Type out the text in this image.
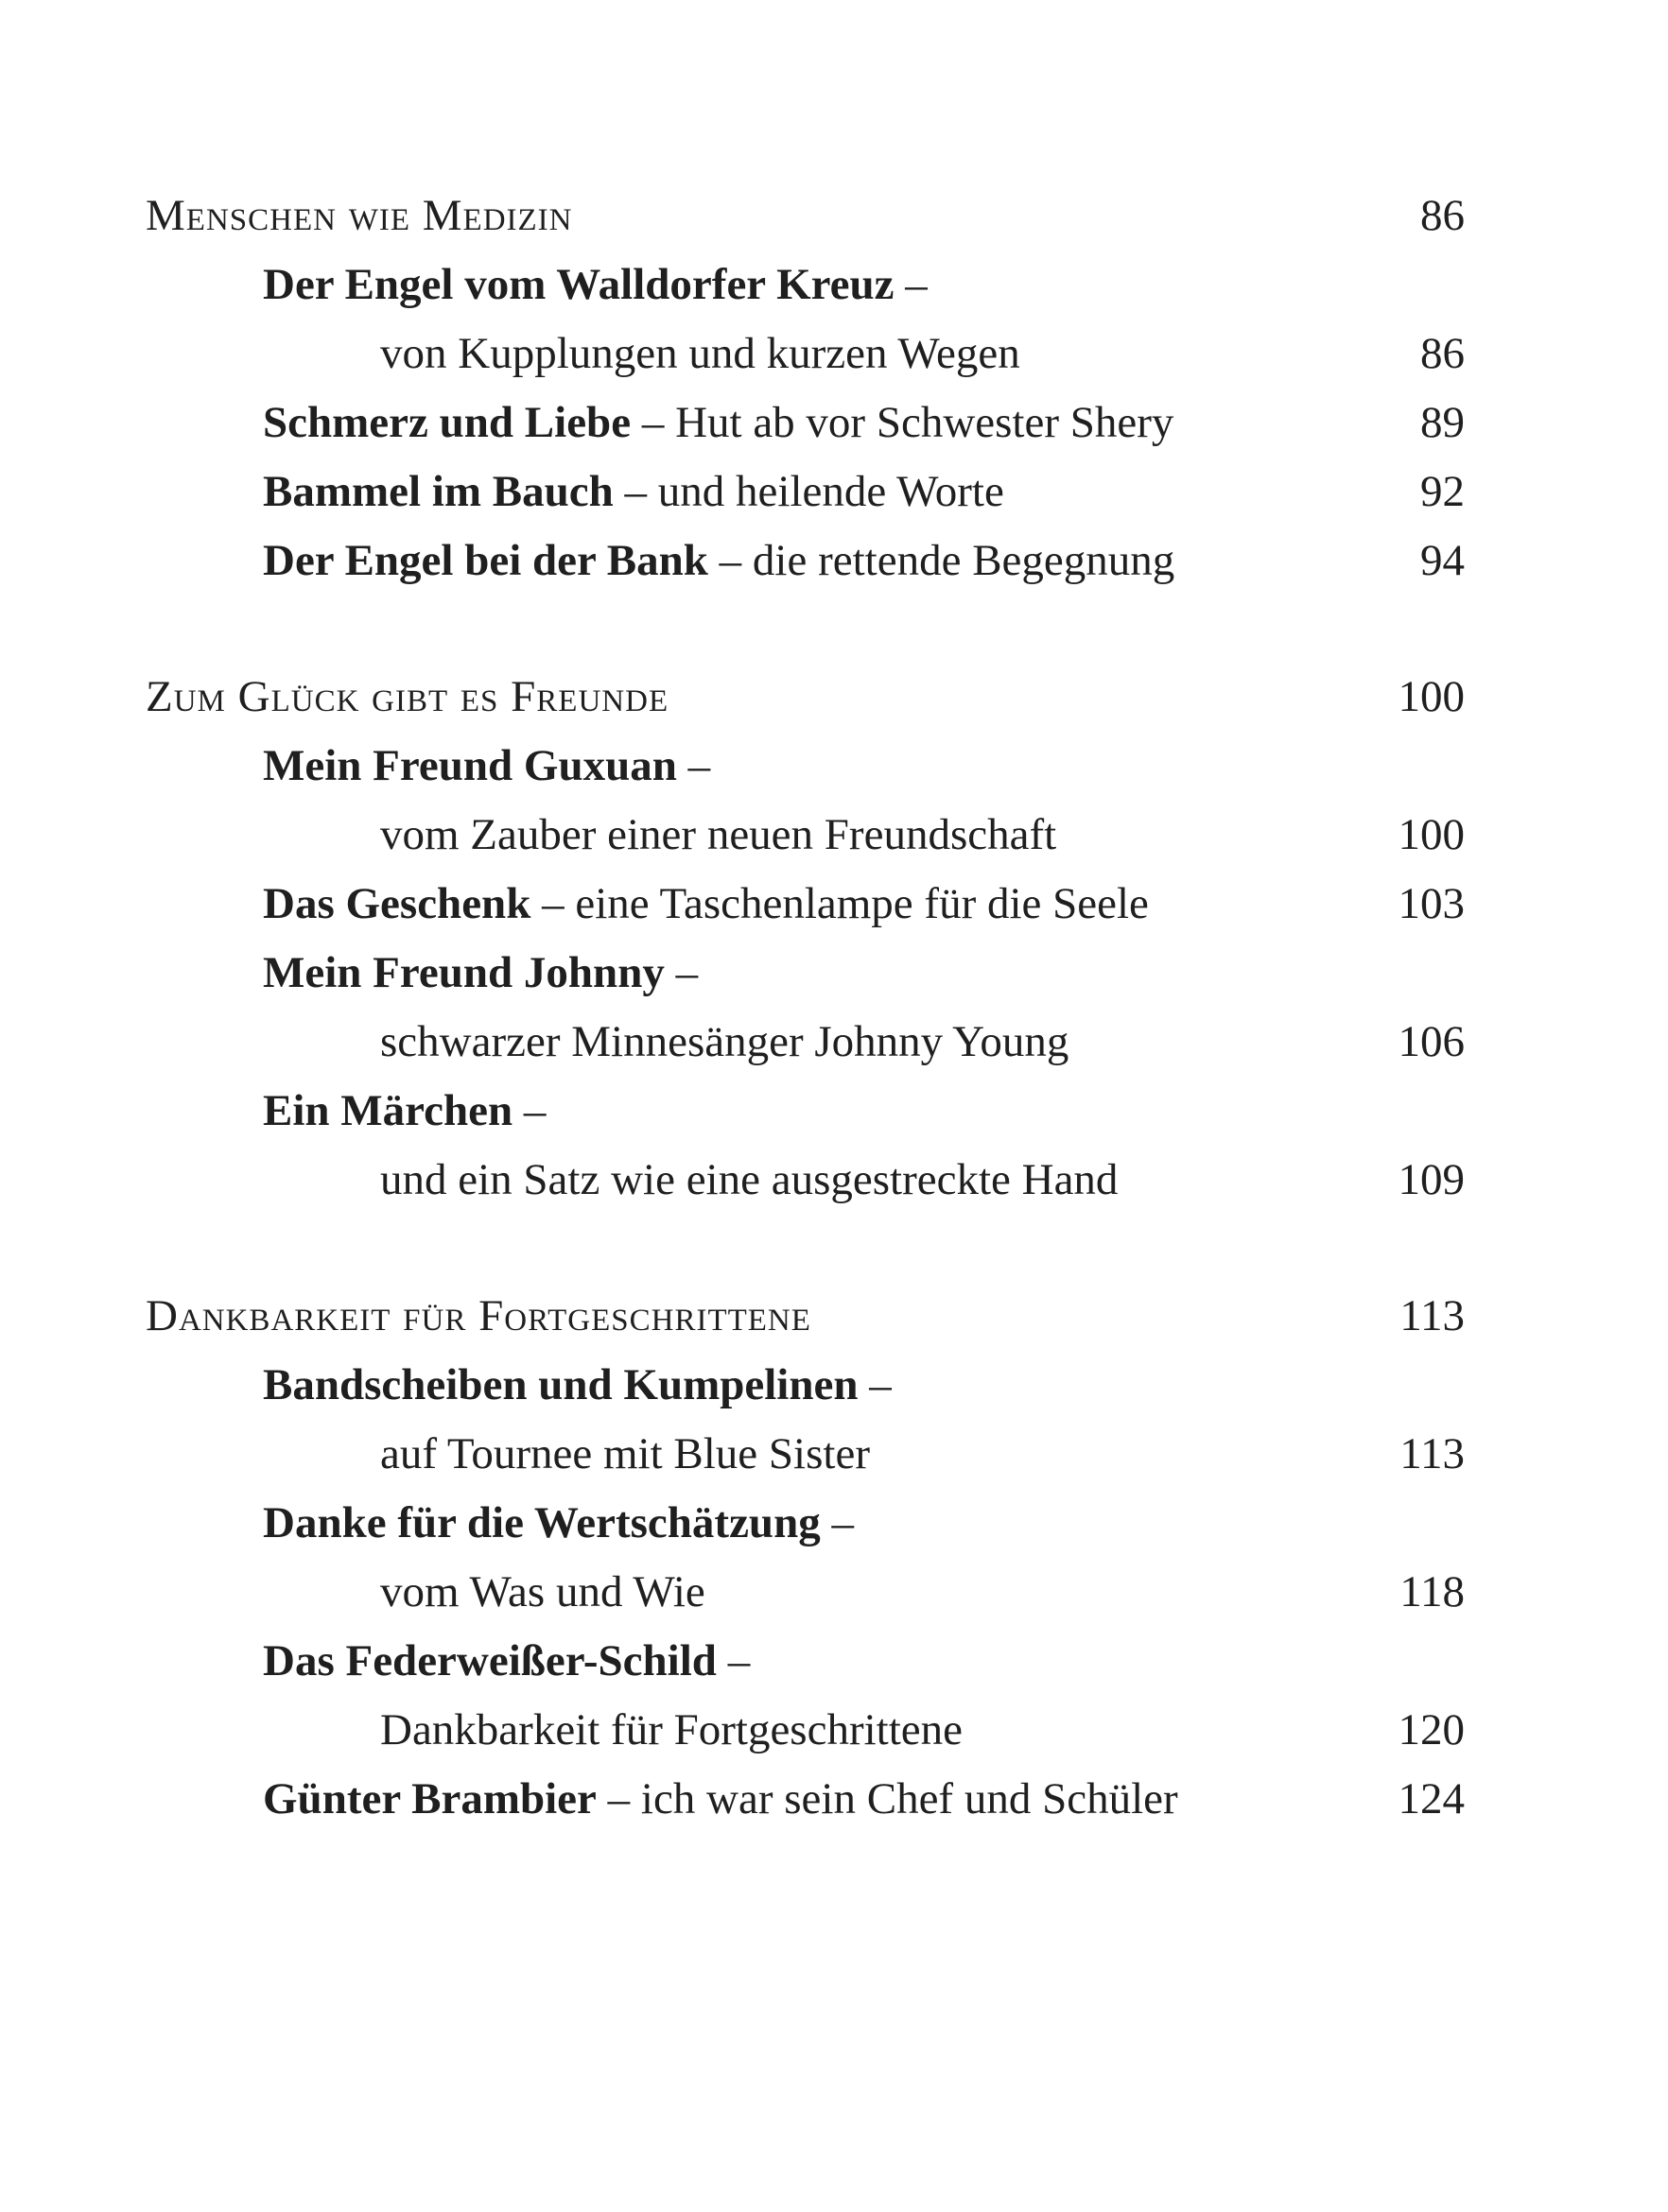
Menschen wie Medizin	86
Der Engel vom Walldorfer Kreuz –
von Kupplungen und kurzen Wegen	86
Schmerz und Liebe – Hut ab vor Schwester Shery	89
Bammel im Bauch – und heilende Worte	92
Der Engel bei der Bank – die rettende Begegnung	94
Zum Glück gibt es Freunde	100
Mein Freund Guxuan –
vom Zauber einer neuen Freundschaft	100
Das Geschenk – eine Taschenlampe für die Seele	103
Mein Freund Johnny –
schwarzer Minnesänger Johnny Young	106
Ein Märchen –
und ein Satz wie eine ausgestreckte Hand	109
Dankbarkeit für Fortgeschrittene	113
Bandscheiben und Kumpelinen –
auf Tournee mit Blue Sister	113
Danke für die Wertschätzung –
vom Was und Wie	118
Das Federweißer-Schild –
Dankbarkeit für Fortgeschrittene	120
Günter Brambier – ich war sein Chef und Schüler	124
